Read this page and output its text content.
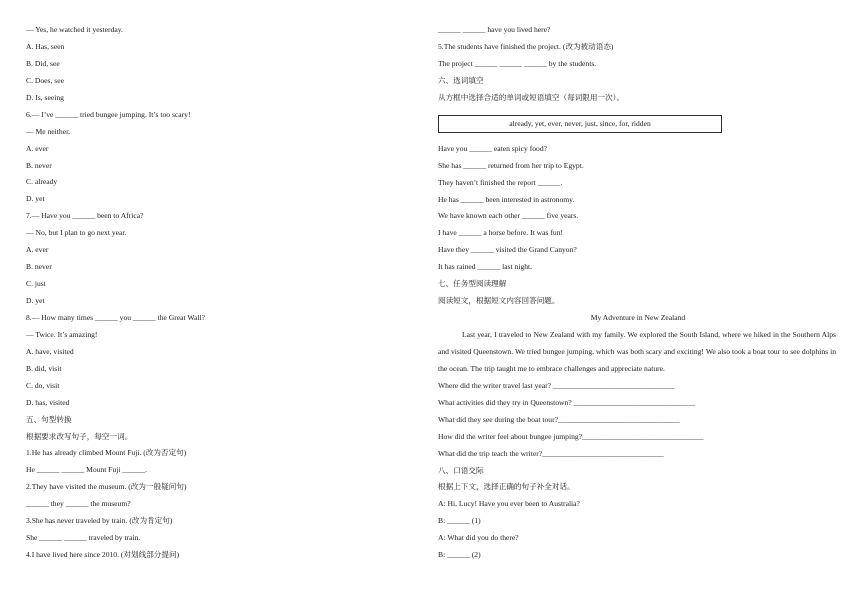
— Yes, he watched it yesterday.
A. Has, seen
B. Did, see
C. Does, see
D. Is, seeing
6.— I’ve ______ tried bungee jumping. It’s too scary!
— Me neither.
A. ever
B. never
C. already
D. yet
7.— Have you ______ been to Africa?
— No, but I plan to go next year.
A. ever
B. never
C. just
D. yet
8.— How many times ______ you ______ the Great Wall?
— Twice. It’s amazing!
A. have, visited
B. did, visit
C. do, visit
D. has, visited
五、句型转换
根据要求改写句子，每空一词。
1.He has already climbed Mount Fuji. (改为否定句)
He ______ ______ Mount Fuji ______.
2.They have visited the museum. (改为一般疑问句)
______ they ______ the museum?
3.She has never traveled by train. (改为肯定句)
She ______ ______ traveled by train.
4.I have lived here since 2010. (对划线部分提问)
______ ______ have you lived here?
5.The students have finished the project. (改为被动语态)
The project ______ ______ ______ by the students.
六、选词填空
从方框中选择合适的单词或短语填空（每词限用一次）。
already, yet, ever, never, just, since, for, ridden
Have you ______ eaten spicy food?
She has ______ returned from her trip to Egypt.
They haven’t finished the report ______.
He has ______ been interested in astronomy.
We have known each other ______ five years.
I have ______ a horse before. It was fun!
Have they ______ visited the Grand Canyon?
It has rained ______ last night.
七、任务型阅读理解
阅读短文，根据短文内容回答问题。
My Adventure in New Zealand

Last year, I traveled to New Zealand with my family. We explored the South Island, where we hiked in the Southern Alps and visited Queenstown. We tried bungee jumping, which was both scary and exciting! We also took a boat tour to see dolphins in the ocean. The trip taught me to embrace challenges and appreciate nature.

Where did the writer travel last year? ________________________________
What activities did they try in Queenstown? ________________________________
What did they see during the boat tour?________________________________
How did the writer feel about bungee jumping?________________________________
What did the trip teach the writer?________________________________
八、口语交际
根据上下文，选择正确的句子补全对话。
A: Hi, Lucy! Have you ever been to Australia?
B: ______ (1)
A: What did you do there?
B: ______ (2)
